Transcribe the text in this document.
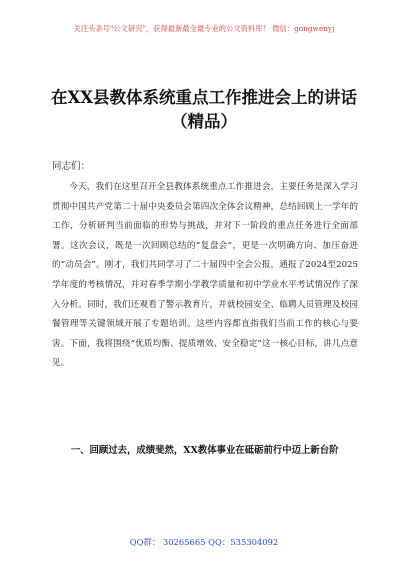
关注头条号"公文研究"，获得最新最全最专业的公文资料库！ 微信：gongwenyj
在XX县教体系统重点工作推进会上的讲话（精品）
同志们：

今天，我们在这里召开全县教体系统重点工作推进会，主要任务是深入学习贯彻中国共产党第二十届中央委员会第四次全体会议精神，总结回顾上一学年的工作，分析研判当前面临的形势与挑战，并对下一阶段的重点任务进行全面部署。这次会议，既是一次回顾总结的“复盘会”，更是一次明确方向、加压奋进的“动员会”。刚才，我们共同学习了二十届四中全会公报，通报了2024至2025学年度的考核情况，并对春季学期小学教学质量和初中学业水平考试情况作了深入分析。同时，我们还观看了警示教育片，并就校园安全、临聘人员管理及校园餐管理等关键领域开展了专题培训。这些内容都直指我们当前工作的核心与要害。下面，我将围绕“优质均衡、提质增效、安全稳定”这一核心目标，讲几点意见。

一、回顾过去，成绩斐然，XX教体事业在砥砺前行中迈上新台阶

QQ群： 30265665 QQ：535304092
